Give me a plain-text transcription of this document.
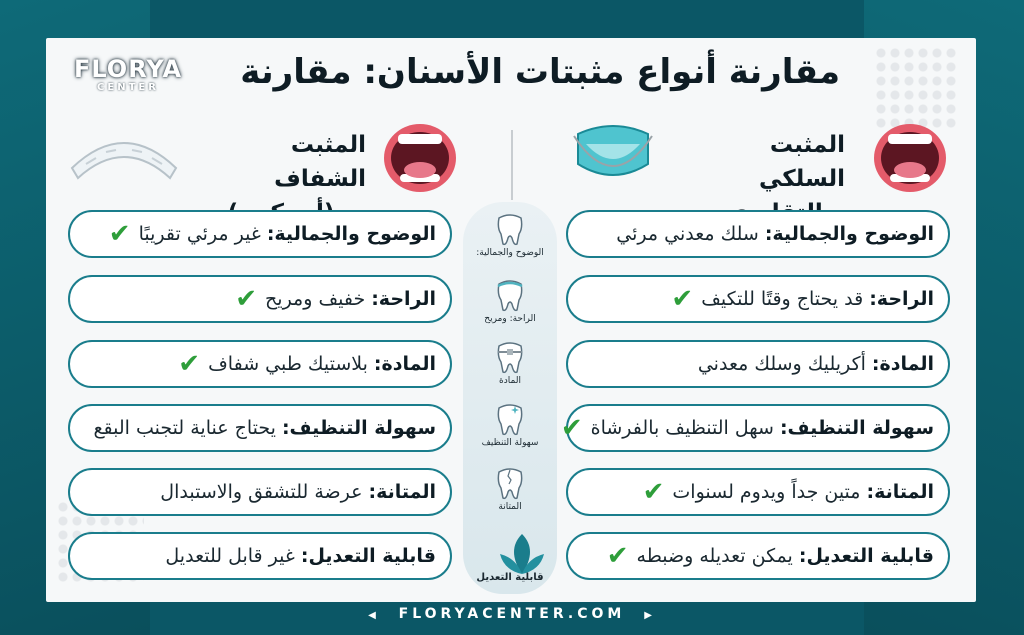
مقارنة أنواع مثبتات الأسنان: مقارنة
FLORYA
CENTER
المثبت السلكي
المثبت الشفاف
الوضوح والجمالية:
الراحة: ومريح
المادة
سهولة التنظيف
المتانة
قابلية التعديل
الوضوح والجمالية:
سلك معدني مرئي
الراحة:
قد يحتاج وقتًا للتكيف
✔
المادة:
أكريليك وسلك معدني
سهولة التنظيف:
سهل التنظيف بالفرشاة
✔
المتانة:
متين جداً ويدوم لسنوات
✔
قابلية التعديل:
يمكن تعديله وضبطه
✔
الوضوح والجمالية:
غير مرئي تقريبًا
✔
الراحة:
خفيف ومريح
✔
المادة:
بلاستيك طبي شفاف
✔
سهولة التنظيف:
يحتاج عناية لتجنب البقع
المتانة:
عرضة للتشقق والاستبدال
قابلية التعديل:
غير قابل للتعديل
◀ FLORYACENTER.COM ▶
